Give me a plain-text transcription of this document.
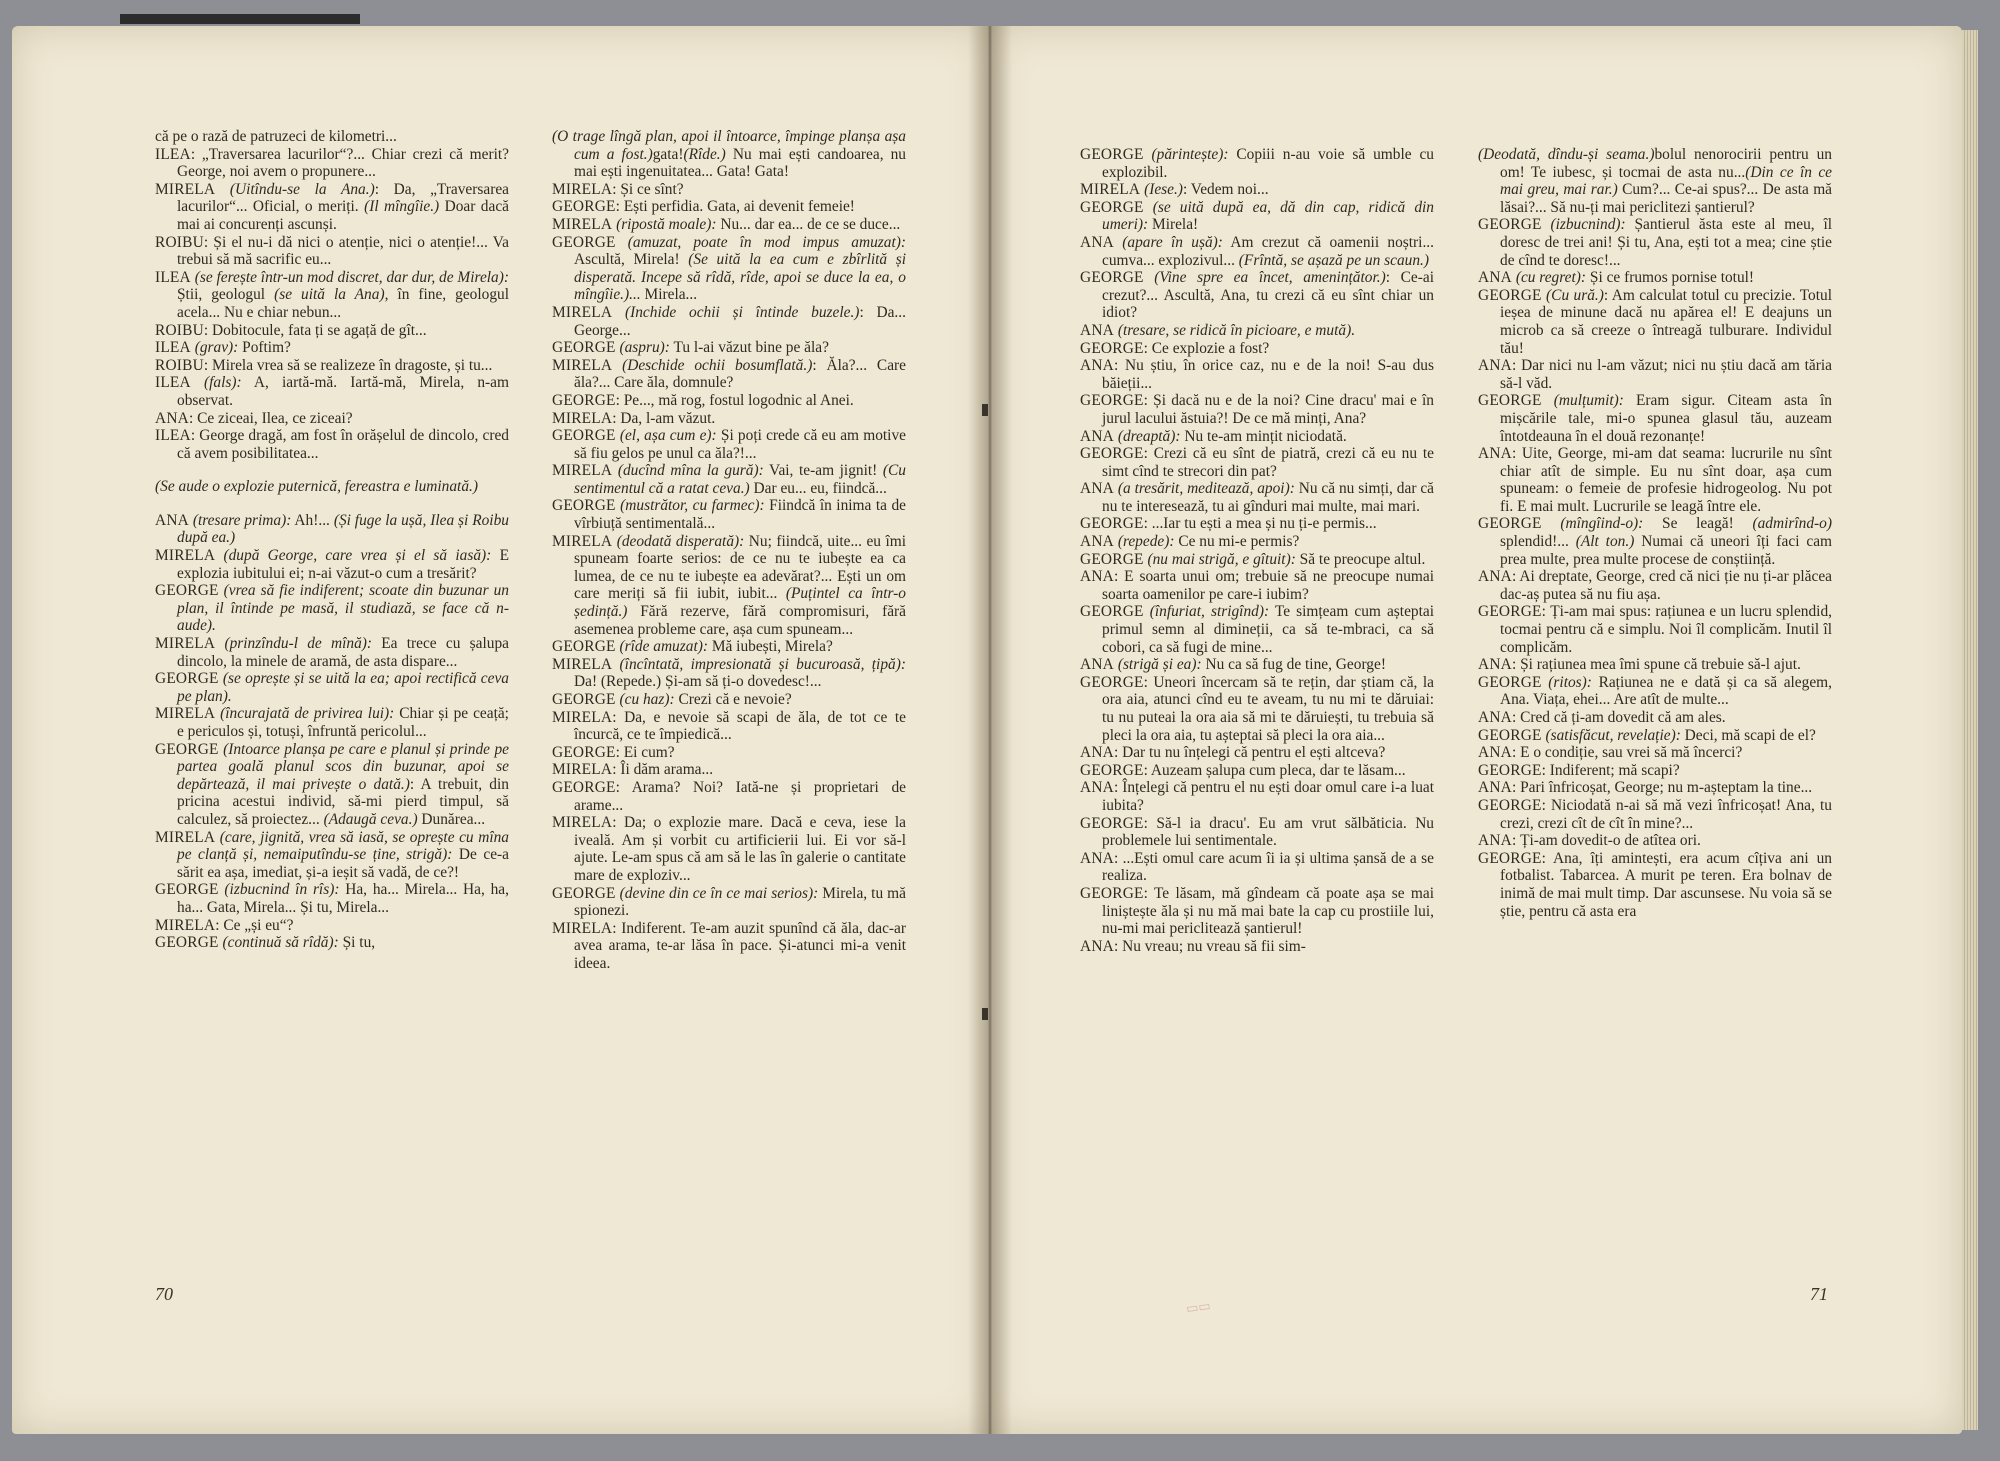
că pe o rază de patruzeci de kilometri...

ILEA: „Traversarea lacurilor“?... Chiar crezi că merit? George, noi avem o propunere...

MIRELA (Uitîndu-se la Ana.): Da, „Traversarea lacurilor“... Oficial, o meriți. (Il mîngîie.) Doar dacă mai ai concurenți ascunși.

ROIBU: Și el nu-i dă nici o atenție, nici o atenție!... Va trebui să mă sacrific eu...

ILEA (se ferește într-un mod discret, dar dur, de Mirela): Știi, geologul (se uită la Ana), în fine, geologul acela... Nu e chiar nebun...

ROIBU: Dobitocule, fata ți se agață de gît...

ILEA (grav): Poftim?

ROIBU: Mirela vrea să se realizeze în dragoste, și tu...

ILEA (fals): A, iartă-mă. Iartă-mă, Mirela, n-am observat.

ANA: Ce ziceai, Ilea, ce ziceai?

ILEA: George dragă, am fost în orășelul de dincolo, cred că avem posibilitatea...

(Se aude o explozie puternică, fereastra e luminată.)

ANA (tresare prima): Ah!... (Și fuge la ușă, Ilea și Roibu după ea.)

MIRELA (după George, care vrea și el să iasă): E explozia iubitului ei; n-ai văzut-o cum a tresărit?

GEORGE (vrea să fie indiferent; scoate din buzunar un plan, il întinde pe masă, il studiază, se face că n-aude).

MIRELA (prinzîndu-l de mînă): Ea trece cu șalupa dincolo, la minele de aramă, de asta dispare...

GEORGE (se oprește și se uită la ea; apoi rectifică ceva pe plan).

MIRELA (încurajată de privirea lui): Chiar și pe ceață; e periculos și, totuși, înfruntă pericolul...

GEORGE (Intoarce planșa pe care e planul și prinde pe partea goală planul scos din buzunar, apoi se depărtează, il mai privește o dată.): A trebuit, din pricina acestui individ, să-mi pierd timpul, să calculez, să proiectez... (Adaugă ceva.) Dunărea...

MIRELA (care, jignită, vrea să iasă, se oprește cu mîna pe clanță și, nemaiputîndu-se ține, strigă): De ce-a sărit ea așa, imediat, și-a ieșit să vadă, de ce?!

GEORGE (izbucnind în rîs): Ha, ha... Mirela... Ha, ha, ha... Gata, Mirela... Și tu, Mirela...

MIRELA: Ce „și eu“?

GEORGE (continuă să rîdă): Și tu,

(O trage lîngă plan, apoi il întoarce, împinge planșa așa cum a fost.)gata!(Rîde.) Nu mai ești candoarea, nu mai ești ingenuitatea... Gata! Gata!

MIRELA: Și ce sînt?

GEORGE: Ești perfidia. Gata, ai devenit femeie!

MIRELA (ripostă moale): Nu... dar ea... de ce se duce...

GEORGE (amuzat, poate în mod impus amuzat): Ascultă, Mirela! (Se uită la ea cum e zbîrlită și disperată. Incepe să rîdă, rîde, apoi se duce la ea, o mîngîie.)... Mirela...

MIRELA (Inchide ochii și întinde buzele.): Da... George...

GEORGE (aspru): Tu l-ai văzut bine pe ăla?

MIRELA (Deschide ochii bosumflată.): Ăla?... Care ăla?... Care ăla, domnule?

GEORGE: Pe..., mă rog, fostul logodnic al Anei.

MIRELA: Da, l-am văzut.

GEORGE (el, așa cum e): Și poți crede că eu am motive să fiu gelos pe unul ca ăla?!...

MIRELA (ducînd mîna la gură): Vai, te-am jignit! (Cu sentimentul că a ratat ceva.) Dar eu... eu, fiindcă...

GEORGE (mustrător, cu farmec): Fiindcă în inima ta de vîrbiuță sentimentală...

MIRELA (deodată disperată): Nu; fiindcă, uite... eu îmi spuneam foarte serios: de ce nu te iubește ea ca lumea, de ce nu te iubește ea adevărat?... Ești un om care meriți să fii iubit, iubit... (Puțintel ca într-o ședință.) Fără rezerve, fără compromisuri, fără asemenea probleme care, așa cum spuneam...

GEORGE (rîde amuzat): Mă iubești, Mirela?

MIRELA (încîntată, impresionată și bucuroasă, țipă): Da! (Repede.) Și-am să ți-o dovedesc!...

GEORGE (cu haz): Crezi că e nevoie?

MIRELA: Da, e nevoie să scapi de ăla, de tot ce te încurcă, ce te împiedică...

GEORGE: Ei cum?

MIRELA: Îi dăm arama...

GEORGE: Arama? Noi? Iată-ne și proprietari de arame...

MIRELA: Da; o explozie mare. Dacă e ceva, iese la iveală. Am și vorbit cu artificierii lui. Ei vor să-l ajute. Le-am spus că am să le las în galerie o cantitate mare de exploziv...

GEORGE (devine din ce în ce mai serios): Mirela, tu mă spionezi.

MIRELA: Indiferent. Te-am auzit spunînd că ăla, dac-ar avea arama, te-ar lăsa în pace. Și-atunci mi-a venit ideea.

GEORGE (părintește): Copiii n-au voie să umble cu explozibil.

MIRELA (Iese.): Vedem noi...

GEORGE (se uită după ea, dă din cap, ridică din umeri): Mirela!

ANA (apare în ușă): Am crezut că oamenii noștri... cumva... explozivul... (Frîntă, se așază pe un scaun.)

GEORGE (Vine spre ea încet, amenințător.): Ce-ai crezut?... Ascultă, Ana, tu crezi că eu sînt chiar un idiot?

ANA (tresare, se ridică în picioare, e mută).

GEORGE: Ce explozie a fost?

ANA: Nu știu, în orice caz, nu e de la noi! S-au dus băieții...

GEORGE: Și dacă nu e de la noi? Cine dracu' mai e în jurul lacului ăstuia?! De ce mă minți, Ana?

ANA (dreaptă): Nu te-am mințit niciodată.

GEORGE: Crezi că eu sînt de piatră, crezi că eu nu te simt cînd te strecori din pat?

ANA (a tresărit, meditează, apoi): Nu că nu simți, dar că nu te interesează, tu ai gînduri mai multe, mai mari.

GEORGE: ...Iar tu ești a mea și nu ți-e permis...

ANA (repede): Ce nu mi-e permis?

GEORGE (nu mai strigă, e gîtuit): Să te preocupe altul.

ANA: E soarta unui om; trebuie să ne preocupe numai soarta oamenilor pe care-i iubim?

GEORGE (înfuriat, strigînd): Te simțeam cum așteptai primul semn al dimineții, ca să te-mbraci, ca să cobori, ca să fugi de mine...

ANA (strigă și ea): Nu ca să fug de tine, George!

GEORGE: Uneori încercam să te rețin, dar știam că, la ora aia, atunci cînd eu te aveam, tu nu mi te dăruiai: tu nu puteai la ora aia să mi te dăruiești, tu trebuia să pleci la ora aia, tu așteptai să pleci la ora aia...

ANA: Dar tu nu înțelegi că pentru el ești altceva?

GEORGE: Auzeam șalupa cum pleca, dar te lăsam...

ANA: Înțelegi că pentru el nu ești doar omul care i-a luat iubita?

GEORGE: Să-l ia dracu'. Eu am vrut sălbăticia. Nu problemele lui sentimentale.

ANA: ...Ești omul care acum îi ia și ultima șansă de a se realiza.

GEORGE: Te lăsam, mă gîndeam că poate așa se mai liniștește ăla și nu mă mai bate la cap cu prostiile lui, nu-mi mai periclitează șantierul!

ANA: Nu vreau; nu vreau să fii sim-

(Deodată, dîndu-și seama.)bolul nenorocirii pentru un om! Te iubesc, și tocmai de asta nu...(Din ce în ce mai greu, mai rar.) Cum?... Ce-ai spus?... De asta mă lăsai?... Să nu-ți mai periclitezi șantierul?

GEORGE (izbucnind): Șantierul ăsta este al meu, îl doresc de trei ani! Și tu, Ana, ești tot a mea; cine știe de cînd te doresc!...

ANA (cu regret): Și ce frumos pornise totul!

GEORGE (Cu ură.): Am calculat totul cu precizie. Totul ieșea de minune dacă nu apărea el! E deajuns un microb ca să creeze o întreagă tulburare. Individul tău!

ANA: Dar nici nu l-am văzut; nici nu știu dacă am tăria să-l văd.

GEORGE (mulțumit): Eram sigur. Citeam asta în mișcările tale, mi-o spunea glasul tău, auzeam întotdeauna în el două rezonanțe!

ANA: Uite, George, mi-am dat seama: lucrurile nu sînt chiar atît de simple. Eu nu sînt doar, așa cum spuneam: o femeie de profesie hidrogeolog. Nu pot fi. E mai mult. Lucrurile se leagă între ele.

GEORGE (mîngîind-o): Se leagă! (admirînd-o) splendid!... (Alt ton.) Numai că uneori îți faci cam prea multe, prea multe procese de conștiință.

ANA: Ai dreptate, George, cred că nici ție nu ți-ar plăcea dac-aș putea să nu fiu așa.

GEORGE: Ți-am mai spus: rațiunea e un lucru splendid, tocmai pentru că e simplu. Noi îl complicăm. Inutil îl complicăm.

ANA: Și rațiunea mea îmi spune că trebuie să-l ajut.

GEORGE (ritos): Rațiunea ne e dată și ca să alegem, Ana. Viața, ehei... Are atît de multe...

ANA: Cred că ți-am dovedit că am ales.

GEORGE (satisfăcut, revelație): Deci, mă scapi de el?

ANA: E o condiție, sau vrei să mă încerci?

GEORGE: Indiferent; mă scapi?

ANA: Pari înfricoșat, George; nu m-așteptam la tine...

GEORGE: Niciodată n-ai să mă vezi înfricoșat! Ana, tu crezi, crezi cît de cît în mine?...

ANA: Ți-am dovedit-o de atîtea ori.

GEORGE: Ana, îți amintești, era acum cîțiva ani un fotbalist. Tabarcea. A murit pe teren. Era bolnav de inimă de mai mult timp. Dar ascunsese. Nu voia să se știe, pentru că asta era

70	71
▭▭
